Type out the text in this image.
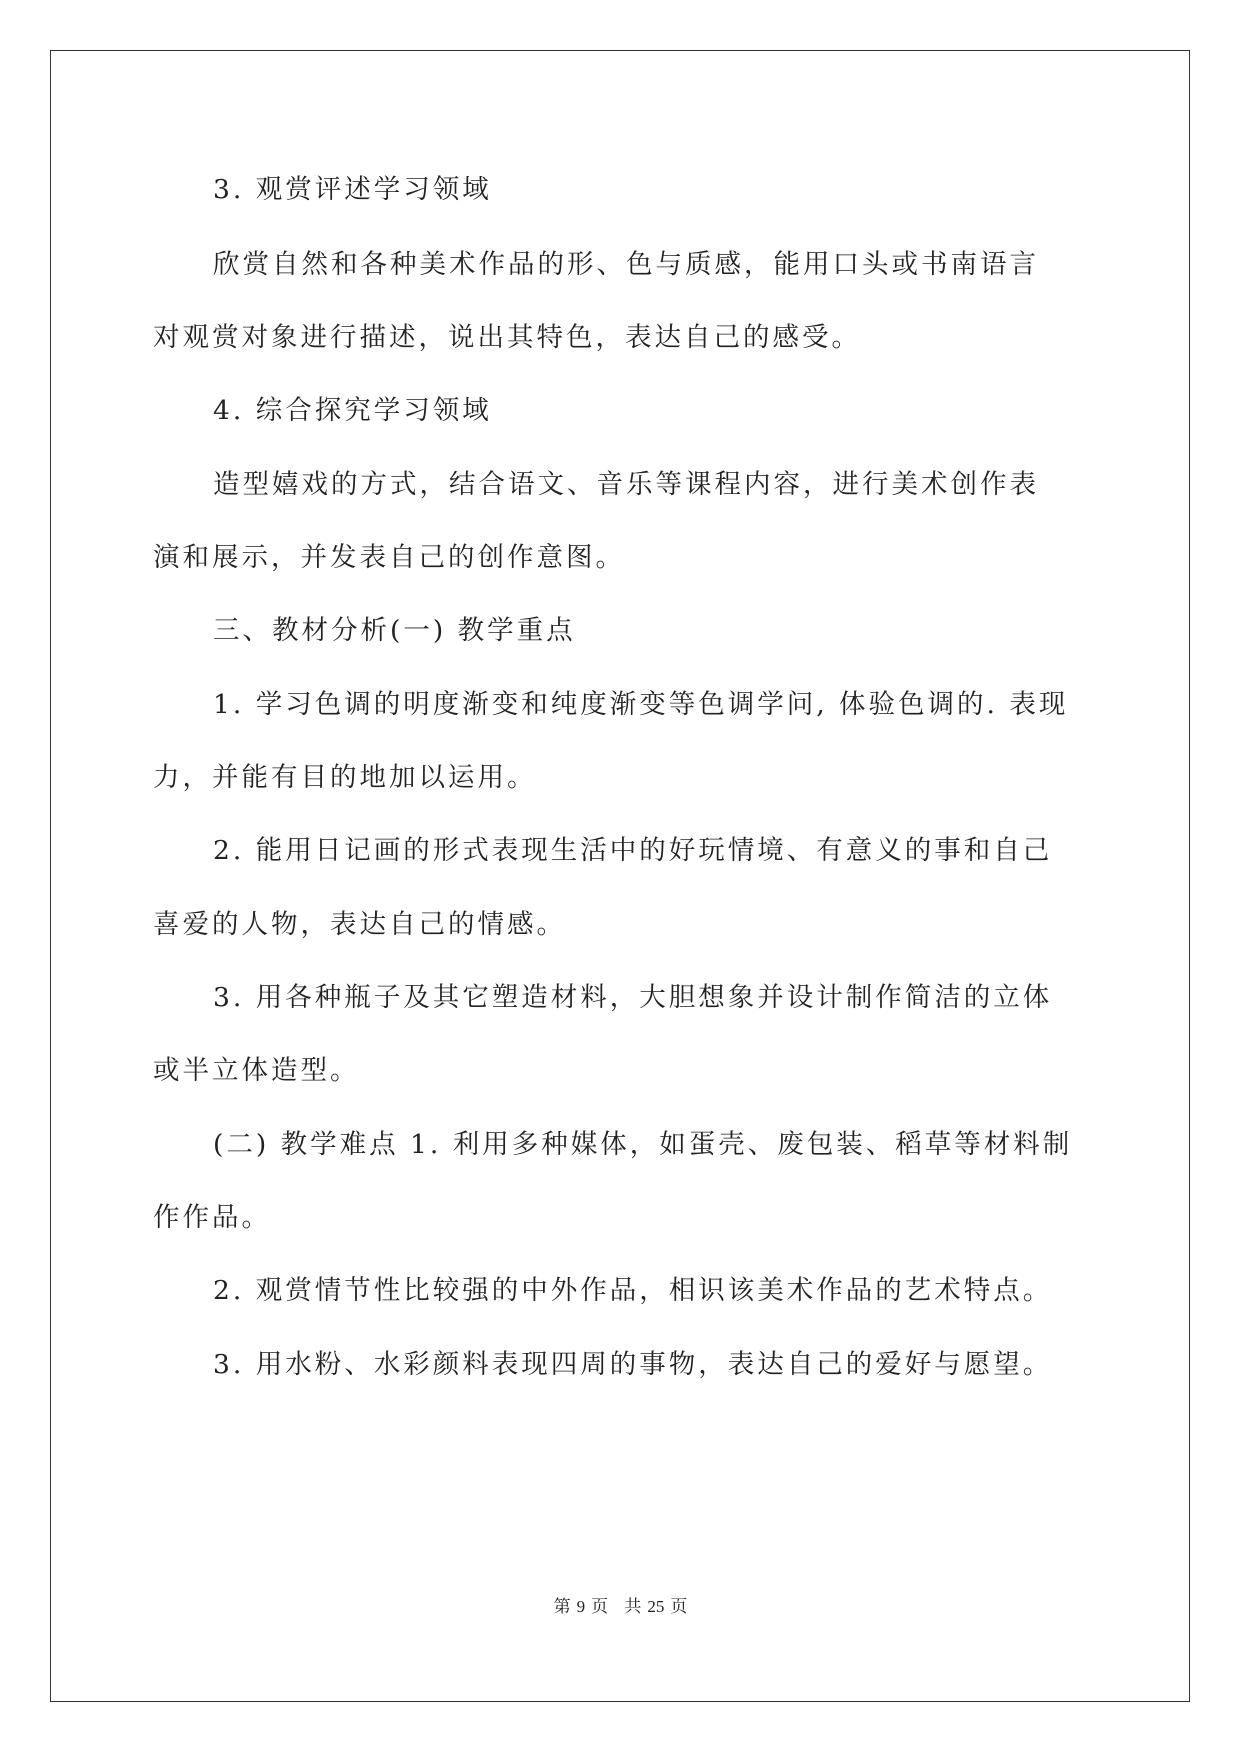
3. 观赏评述学习领域

欣赏自然和各种美术作品的形、色与质感，能用口头或书南语言

对观赏对象进行描述，说出其特色，表达自己的感受。

4. 综合探究学习领域

造型嬉戏的方式，结合语文、音乐等课程内容，进行美术创作表

演和展示，并发表自己的创作意图。

三、教材分析(一) 教学重点

1. 学习色调的明度渐变和纯度渐变等色调学问, 体验色调的. 表现

力，并能有目的地加以运用。

2. 能用日记画的形式表现生活中的好玩情境、有意义的事和自己

喜爱的人物，表达自己的情感。

3. 用各种瓶子及其它塑造材料，大胆想象并设计制作简洁的立体

或半立体造型。

(二) 教学难点 1. 利用多种媒体，如蛋壳、废包装、稻草等材料制

作作品。

2. 观赏情节性比较强的中外作品，相识该美术作品的艺术特点。

3. 用水粉、水彩颜料表现四周的事物，表达自己的爱好与愿望。

第 9 页 共 25 页
